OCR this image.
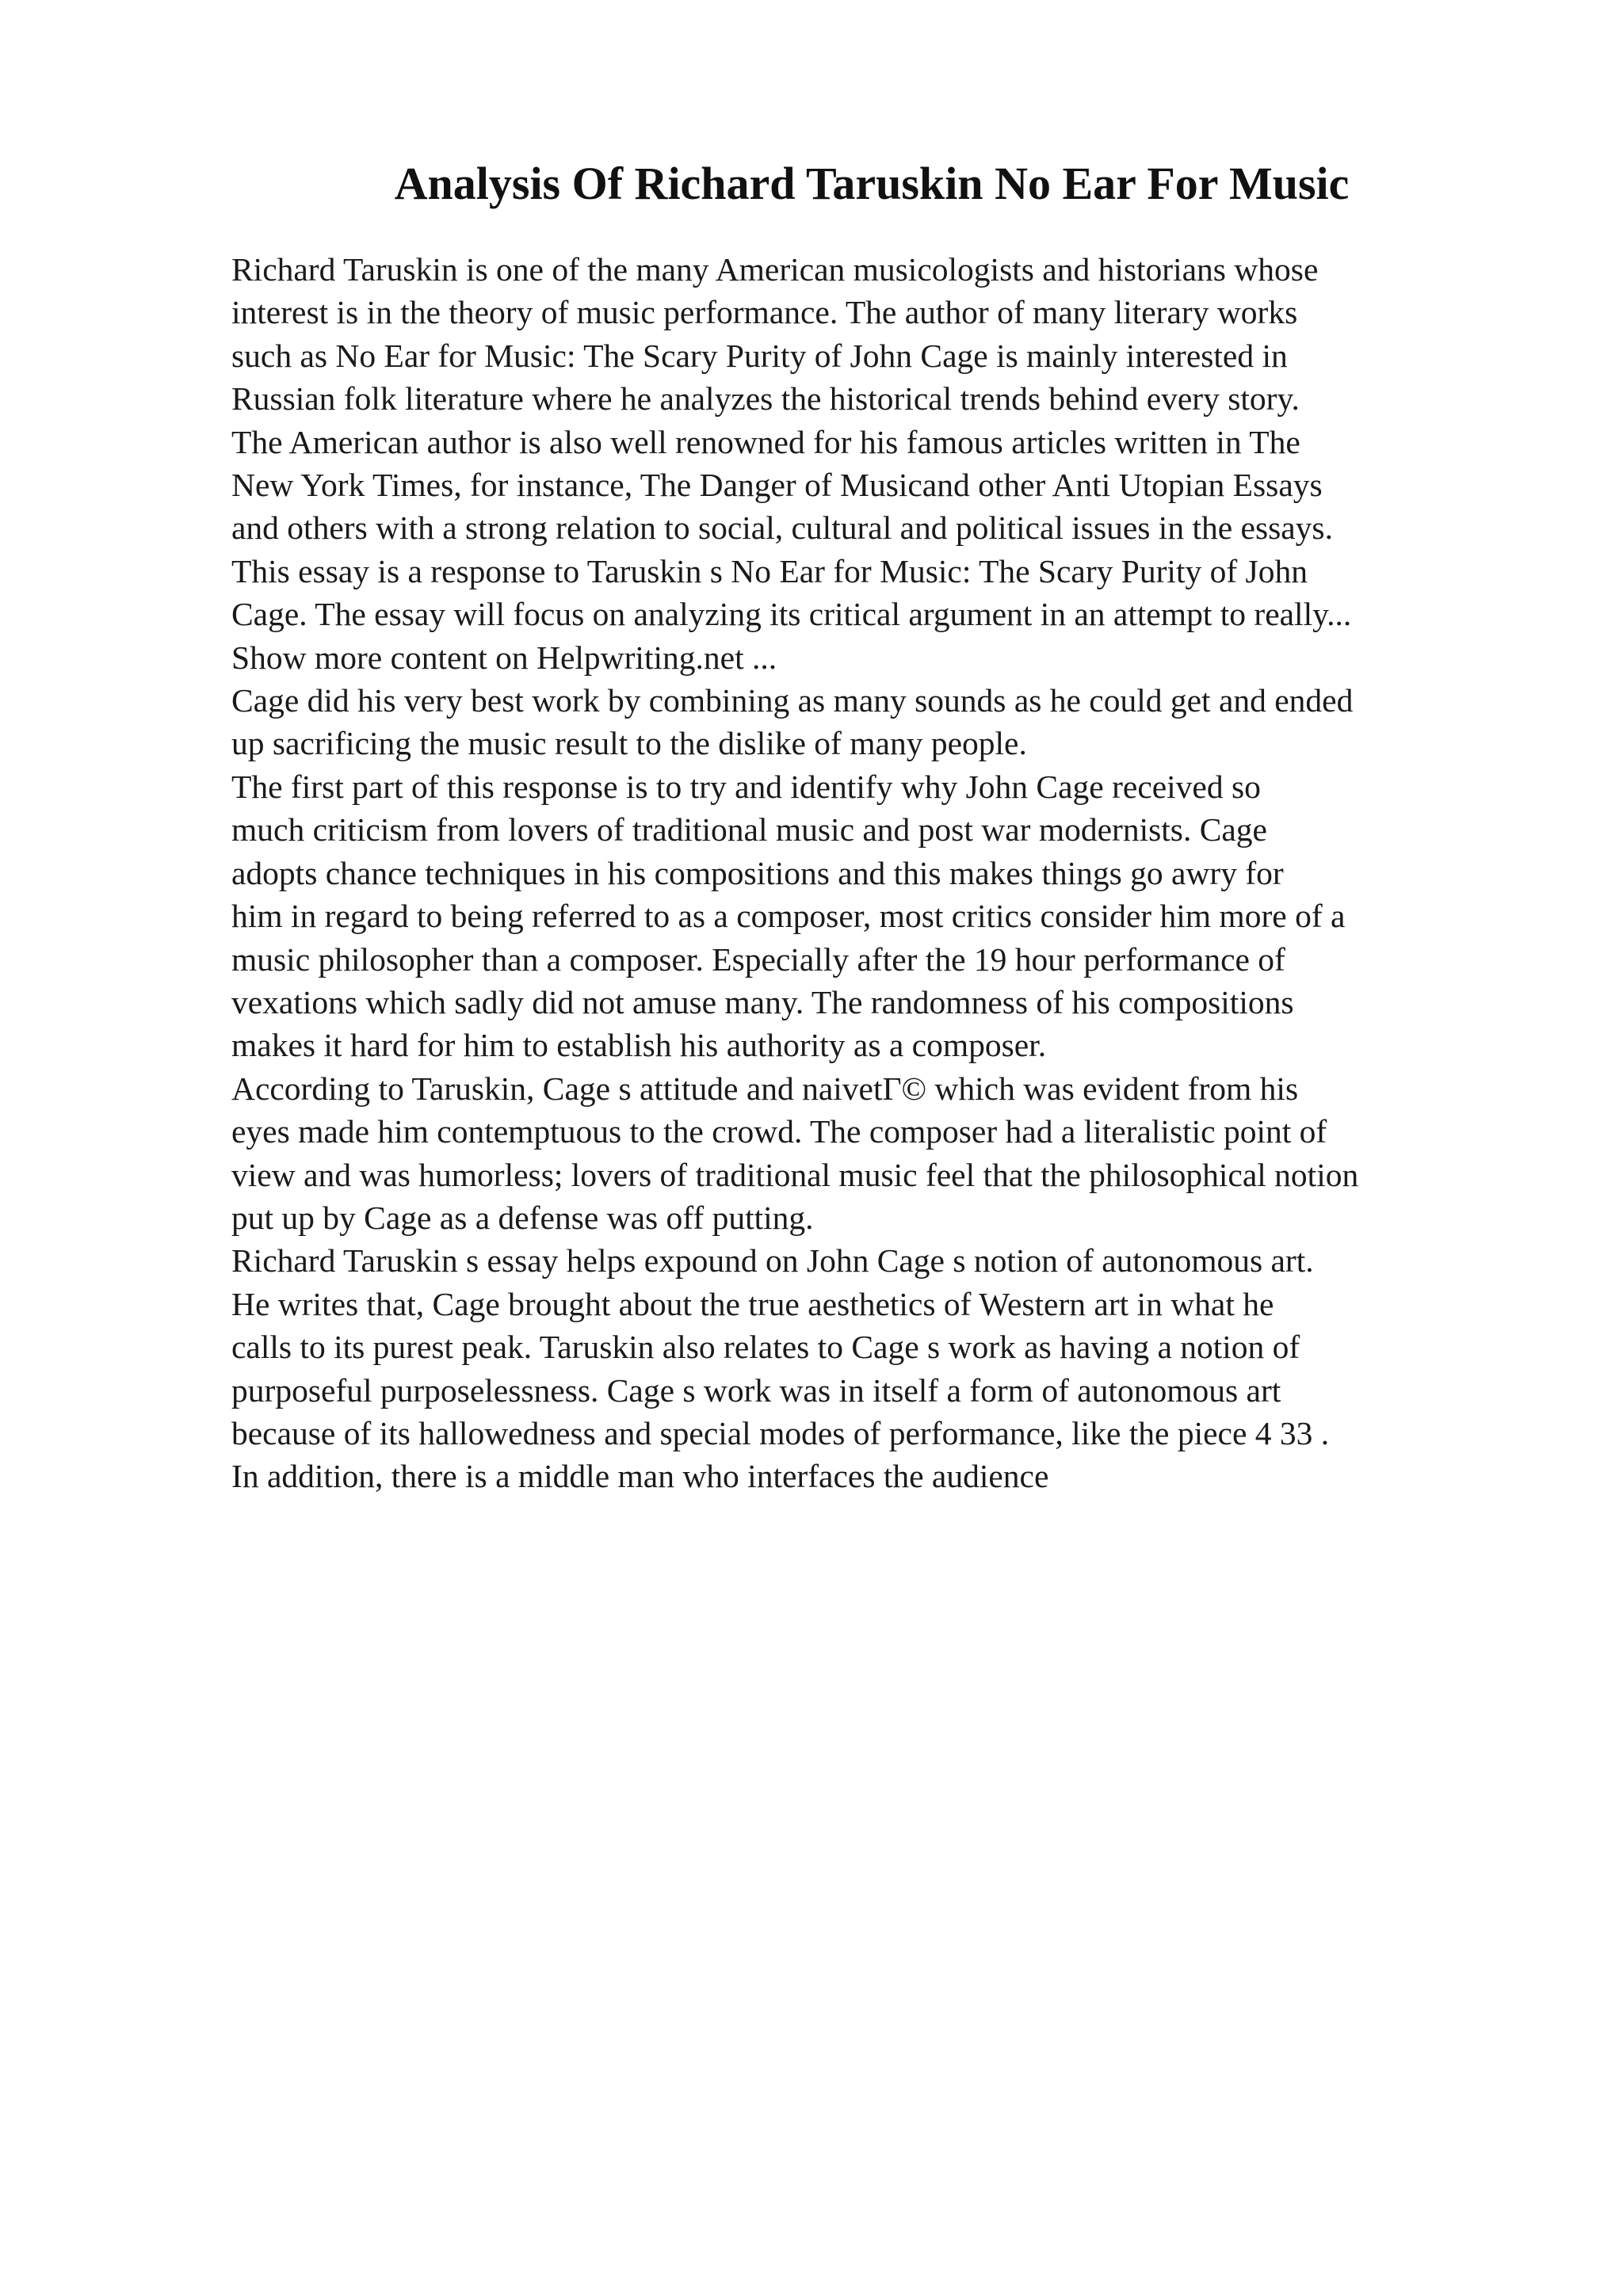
Analysis Of Richard Taruskin No Ear For Music
Richard Taruskin is one of the many American musicologists and historians whose
interest is in the theory of music performance. The author of many literary works
such as No Ear for Music: The Scary Purity of John Cage is mainly interested in
Russian folk literature where he analyzes the historical trends behind every story.
The American author is also well renowned for his famous articles written in The
New York Times, for instance, The Danger of Musicand other Anti Utopian Essays
and others with a strong relation to social, cultural and political issues in the essays.
This essay is a response to Taruskin s No Ear for Music: The Scary Purity of John
Cage. The essay will focus on analyzing its critical argument in an attempt to really...
Show more content on Helpwriting.net ...
Cage did his very best work by combining as many sounds as he could get and ended
up sacrificing the music result to the dislike of many people.
The first part of this response is to try and identify why John Cage received so
much criticism from lovers of traditional music and post war modernists. Cage
adopts chance techniques in his compositions and this makes things go awry for
him in regard to being referred to as a composer, most critics consider him more of a
music philosopher than a composer. Especially after the 19 hour performance of
vexations which sadly did not amuse many. The randomness of his compositions
makes it hard for him to establish his authority as a composer.
According to Taruskin, Cage s attitude and naivetГ© which was evident from his
eyes made him contemptuous to the crowd. The composer had a literalistic point of
view and was humorless; lovers of traditional music feel that the philosophical notion
put up by Cage as a defense was off putting.
Richard Taruskin s essay helps expound on John Cage s notion of autonomous art.
He writes that, Cage brought about the true aesthetics of Western art in what he
calls to its purest peak. Taruskin also relates to Cage s work as having a notion of
purposeful purposelessness. Cage s work was in itself a form of autonomous art
because of its hallowedness and special modes of performance, like the piece 4 33 .
In addition, there is a middle man who interfaces the audience
